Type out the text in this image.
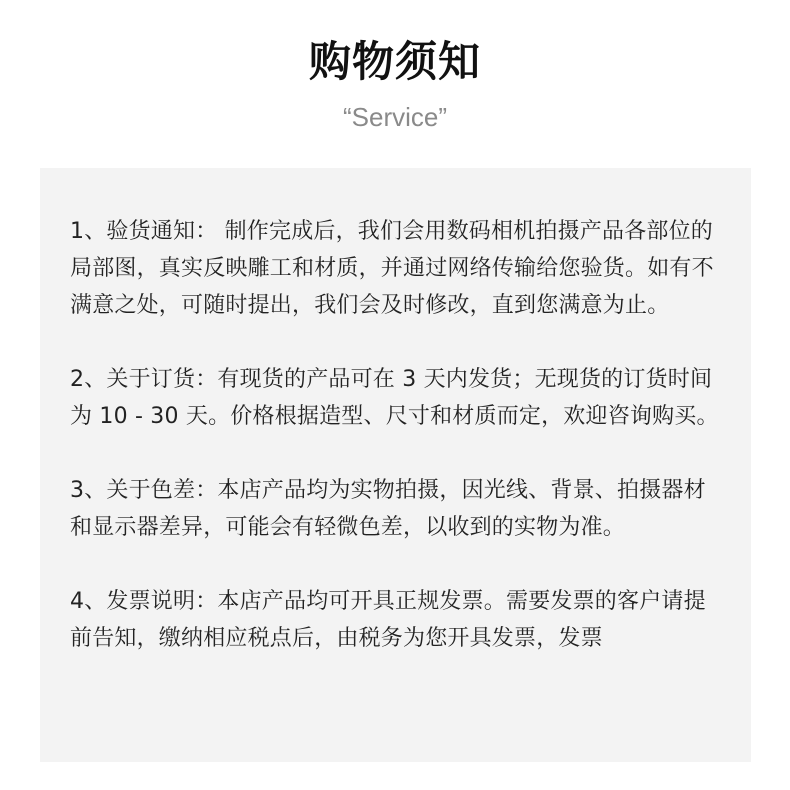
购物须知
“Service”

1、验货通知： 制作完成后，我们会用数码相机拍摄产品各部位的局部图，真实反映雕工和材质，并通过网络传输给您验货。如有不满意之处，可随时提出，我们会及时修改，直到您满意为止。

2、关于订货：有现货的产品可在 3 天内发货；无现货的订货时间为 10 - 30 天。价格根据造型、尺寸和材质而定，欢迎咨询购买。

3、关于色差：本店产品均为实物拍摄，因光线、背景、拍摄器材和显示器差异，可能会有轻微色差，以收到的实物为准。

4、发票说明：本店产品均可开具正规发票。需要发票的客户请提前告知，缴纳相应税点后，由税务为您开具发票，发票
